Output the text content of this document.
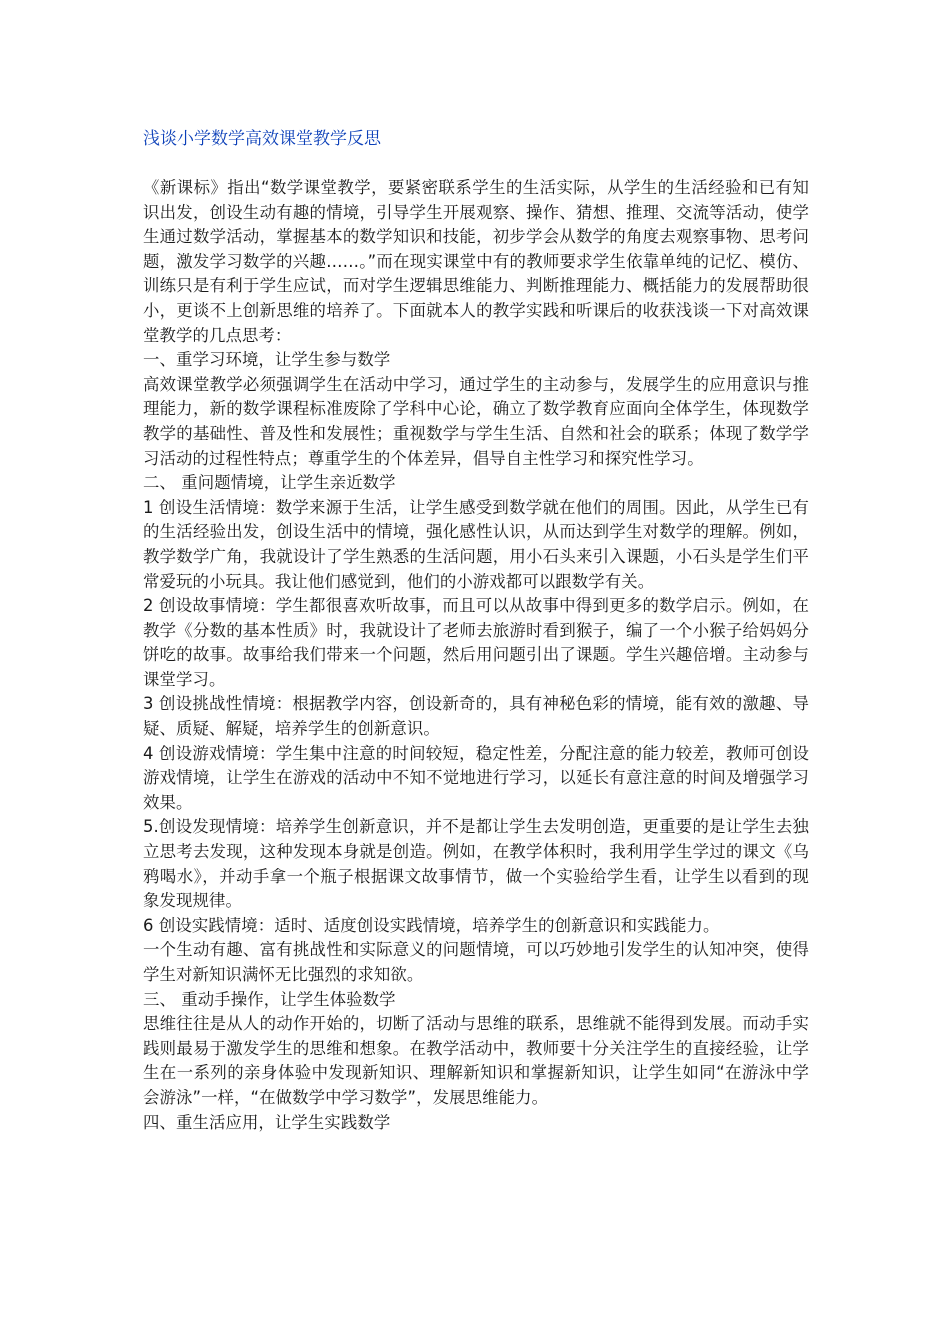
浅谈小学数学高效课堂教学反思

《新课标》指出“数学课堂教学，要紧密联系学生的生活实际，从学生的生活经验和已有知识出发，创设生动有趣的情境，引导学生开展观察、操作、猜想、推理、交流等活动，使学生通过数学活动，掌握基本的数学知识和技能，初步学会从数学的角度去观察事物、思考问题，激发学习数学的兴趣……。”而在现实课堂中有的教师要求学生依靠单纯的记忆、模仿、训练只是有利于学生应试，而对学生逻辑思维能力、判断推理能力、概括能力的发展帮助很小，更谈不上创新思维的培养了。下面就本人的教学实践和听课后的收获浅谈一下对高效课堂教学的几点思考：

一、重学习环境，让学生参与数学

高效课堂教学必须强调学生在活动中学习，通过学生的主动参与，发展学生的应用意识与推理能力，新的数学课程标准废除了学科中心论，确立了数学教育应面向全体学生，体现数学教学的基础性、普及性和发展性；重视数学与学生生活、自然和社会的联系；体现了数学学习活动的过程性特点；尊重学生的个体差异，倡导自主性学习和探究性学习。

二、 重问题情境，让学生亲近数学

1 创设生活情境：数学来源于生活，让学生感受到数学就在他们的周围。因此，从学生已有的生活经验出发，创设生活中的情境，强化感性认识，从而达到学生对数学的理解。例如，教学数学广角，我就设计了学生熟悉的生活问题，用小石头来引入课题，小石头是学生们平常爱玩的小玩具。我让他们感觉到，他们的小游戏都可以跟数学有关。

2 创设故事情境：学生都很喜欢听故事，而且可以从故事中得到更多的数学启示。例如，在教学《分数的基本性质》时，我就设计了老师去旅游时看到猴子，编了一个小猴子给妈妈分饼吃的故事。故事给我们带来一个问题，然后用问题引出了课题。学生兴趣倍增。主动参与课堂学习。

3 创设挑战性情境：根据教学内容，创设新奇的，具有神秘色彩的情境，能有效的激趣、导疑、质疑、解疑，培养学生的创新意识。

4 创设游戏情境：学生集中注意的时间较短，稳定性差，分配注意的能力较差，教师可创设游戏情境，让学生在游戏的活动中不知不觉地进行学习，以延长有意注意的时间及增强学习效果。

5.创设发现情境：培养学生创新意识，并不是都让学生去发明创造，更重要的是让学生去独立思考去发现，这种发现本身就是创造。例如，在教学体积时，我利用学生学过的课文《乌鸦喝水》，并动手拿一个瓶子根据课文故事情节，做一个实验给学生看，让学生以看到的现象发现规律。

6 创设实践情境：适时、适度创设实践情境，培养学生的创新意识和实践能力。

一个生动有趣、富有挑战性和实际意义的问题情境，可以巧妙地引发学生的认知冲突，使得学生对新知识满怀无比强烈的求知欲。

三、 重动手操作，让学生体验数学

思维往往是从人的动作开始的，切断了活动与思维的联系，思维就不能得到发展。而动手实践则最易于激发学生的思维和想象。在教学活动中，教师要十分关注学生的直接经验，让学生在一系列的亲身体验中发现新知识、理解新知识和掌握新知识，让学生如同“在游泳中学会游泳”一样，“在做数学中学习数学”，发展思维能力。

四、重生活应用，让学生实践数学
